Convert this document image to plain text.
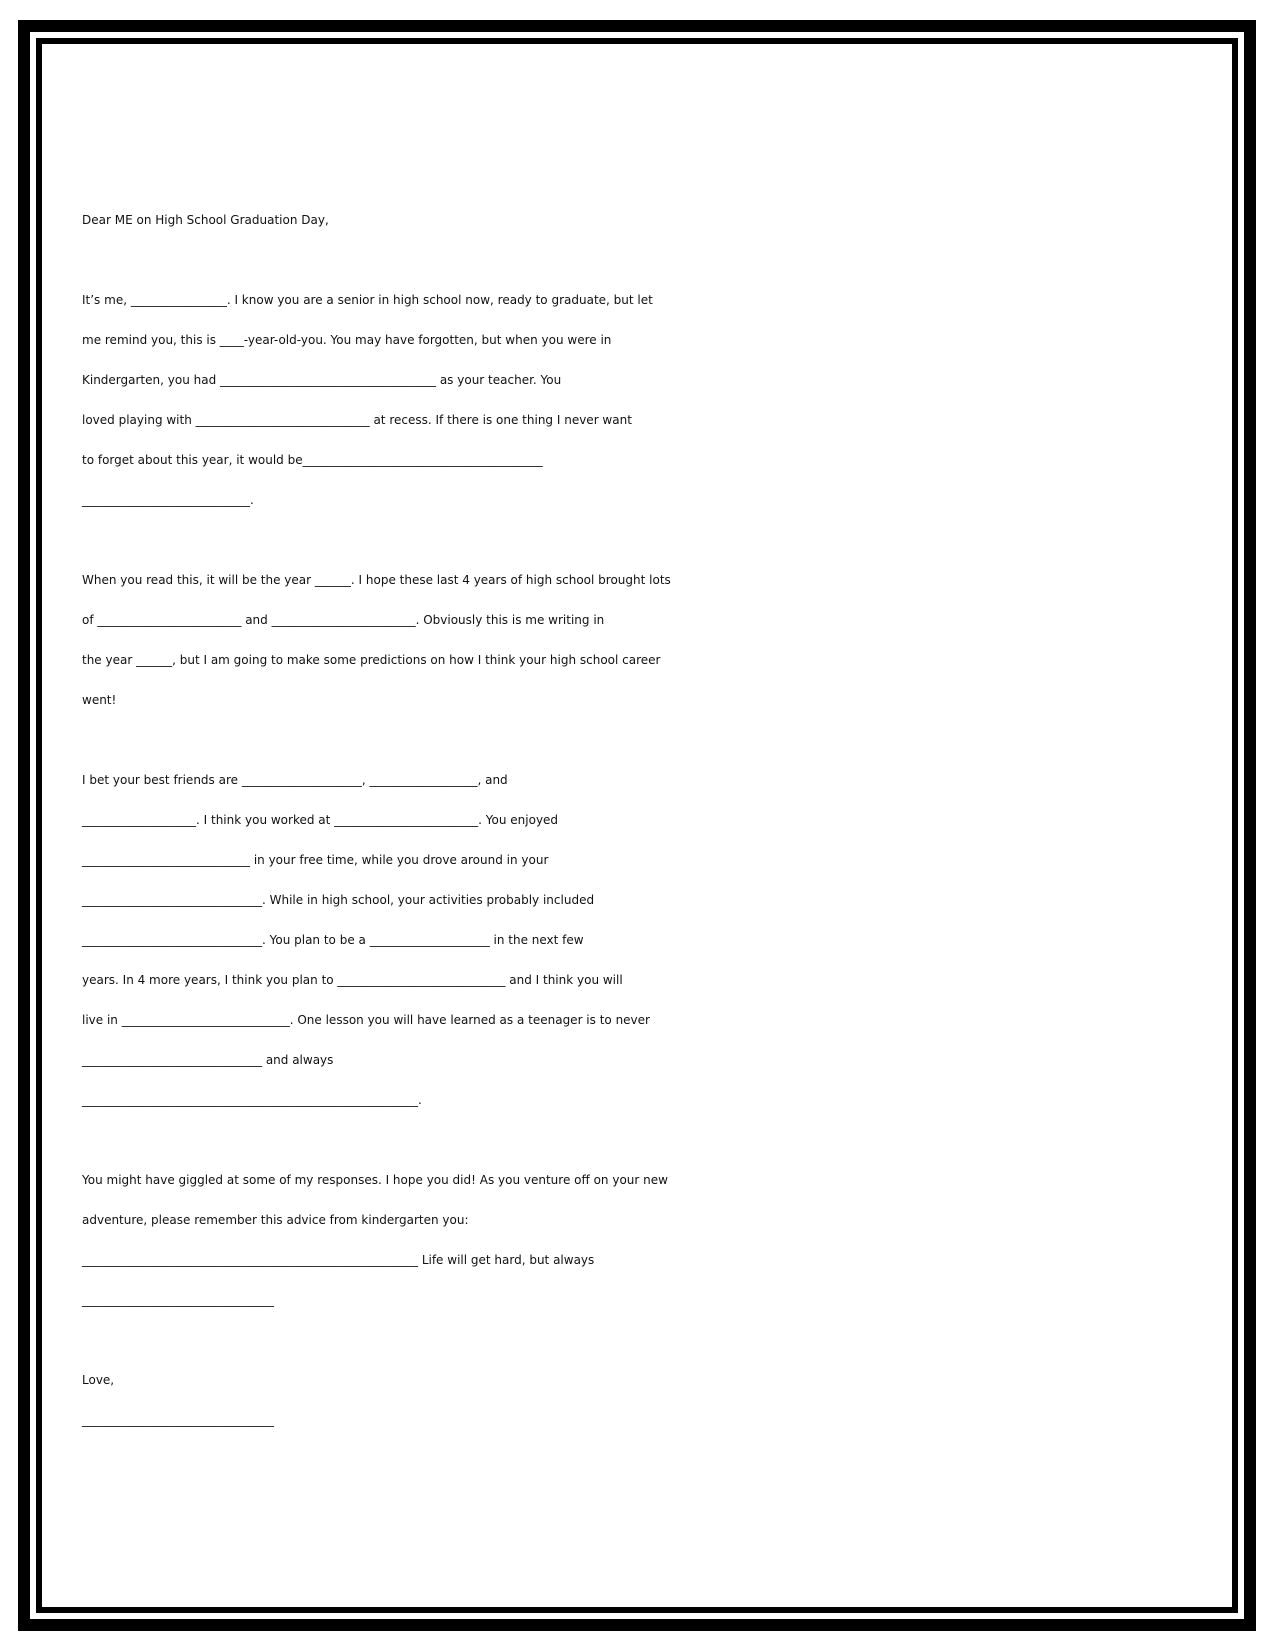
Dear ME on High School Graduation Day,
It’s me, ________________. I know you are a senior in high school now, ready to graduate, but let
me remind you, this is ____-year-old-you. You may have forgotten, but when you were in
Kindergarten, you had ____________________________________ as your teacher. You
loved playing with _____________________________ at recess. If there is one thing I never want
to forget about this year, it would be________________________________________
____________________________.
When you read this, it will be the year ______. I hope these last 4 years of high school brought lots
of ________________________ and ________________________. Obviously this is me writing in
the year ______, but I am going to make some predictions on how I think your high school career
went!
I bet your best friends are ____________________, __________________, and
___________________. I think you worked at ________________________. You enjoyed
____________________________ in your free time, while you drove around in your
______________________________. While in high school, your activities probably included
______________________________. You plan to be a ____________________ in the next few
years. In 4 more years, I think you plan to ____________________________ and I think you will
live in ____________________________. One lesson you will have learned as a teenager is to never
______________________________ and always
________________________________________________________.
You might have giggled at some of my responses. I hope you did! As you venture off on your new
adventure, please remember this advice from kindergarten you:
________________________________________________________ Life will get hard, but always
________________________________
Love,
________________________________
